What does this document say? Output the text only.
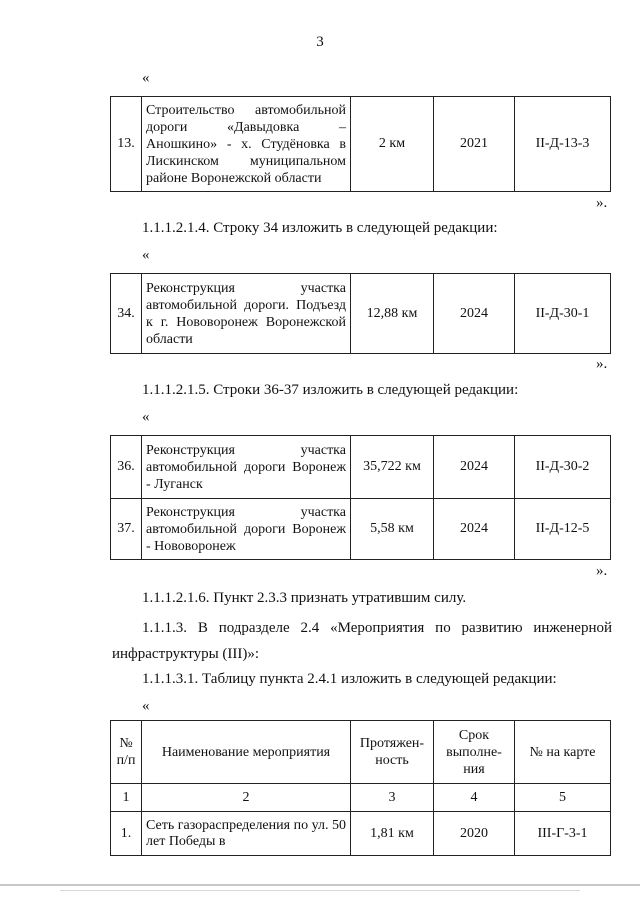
3
«
13.	Строительство автомобильной дороги «Давыдовка – Аношкино» - х. Студёновка в Лискинском муниципальном районе Воронежской области	2 км	2021	II-Д-13-3
».
1.1.1.2.1.4. Строку 34 изложить в следующей редакции:
«
34.	Реконструкция участка автомобильной дороги. Подъезд к г. Нововоронеж Воронежской области	12,88 км	2024	II-Д-30-1
».
1.1.1.2.1.5. Строки 36-37 изложить в следующей редакции:
«
36.	Реконструкция участка автомобильной дороги Воронеж - Луганск	35,722 км	2024	II-Д-30-2
37.	Реконструкция участка автомобильной дороги Воронеж - Нововоронеж	5,58 км	2024	II-Д-12-5
».
1.1.1.2.1.6. Пункт 2.3.3 признать утратившим силу.
1.1.1.3. В подразделе 2.4 «Мероприятия по развитию инженерной
инфраструктуры (III)»:
1.1.1.3.1. Таблицу пункта 2.4.1 изложить в следующей редакции:
«
№ п/п	Наименование мероприятия	Протяжен-ность	Срок выполне-ния	№ на карте
1	2	3	4	5
1.	Сеть газораспределения по ул. 50 лет Победы в	1,81 км	2020	III-Г-3-1
